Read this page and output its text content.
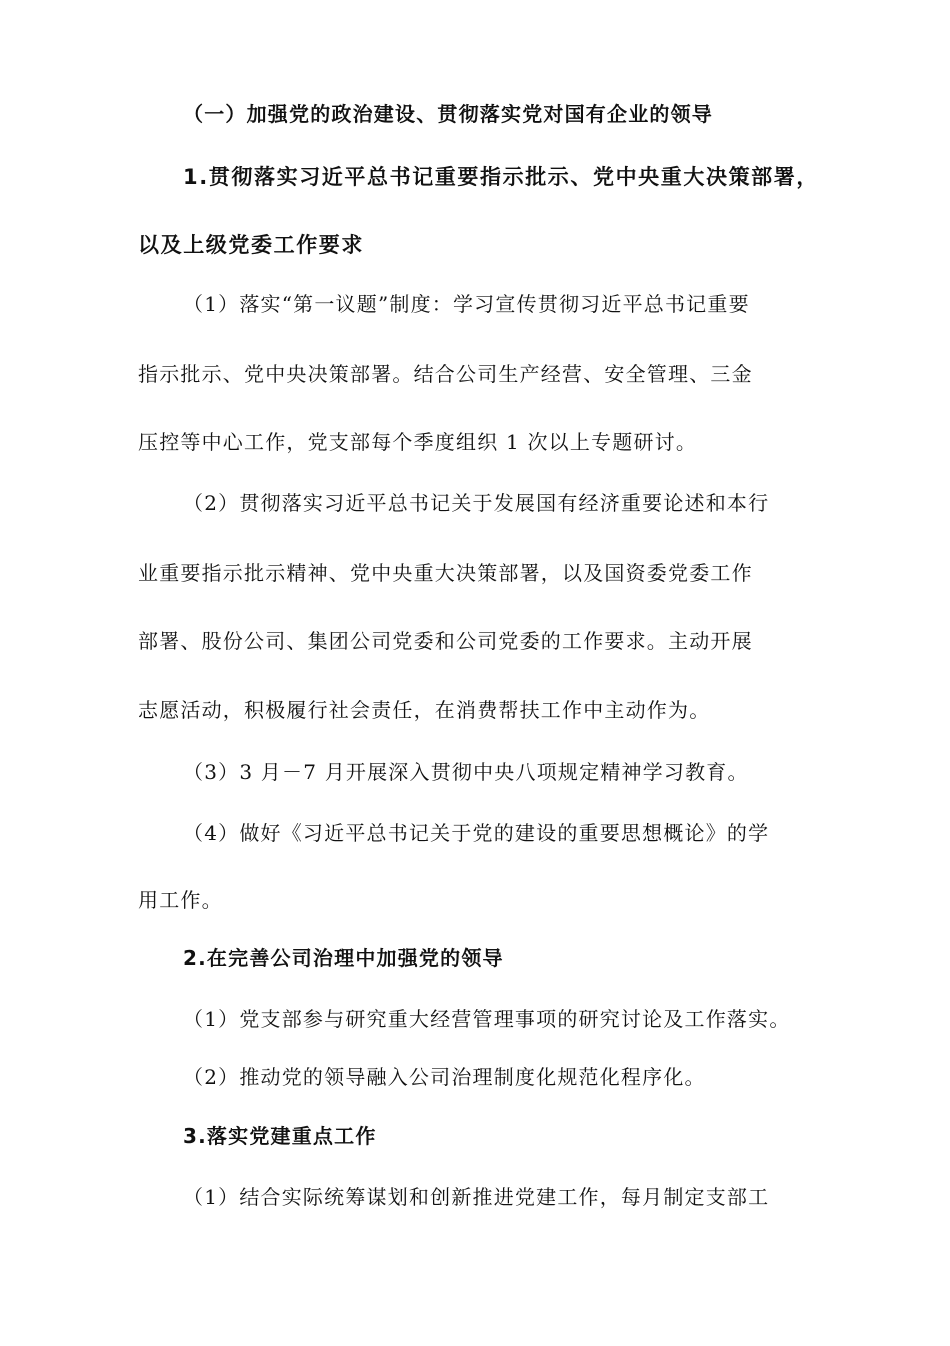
（一）加强党的政治建设、贯彻落实党对国有企业的领导
1.贯彻落实习近平总书记重要指示批示、党中央重大决策部署，
以及上级党委工作要求
（1）落实“第一议题”制度：学习宣传贯彻习近平总书记重要
指示批示、党中央决策部署。结合公司生产经营、安全管理、三金
压控等中心工作，党支部每个季度组织 1 次以上专题研讨。
（2）贯彻落实习近平总书记关于发展国有经济重要论述和本行
业重要指示批示精神、党中央重大决策部署，以及国资委党委工作
部署、股份公司、集团公司党委和公司党委的工作要求。主动开展
志愿活动，积极履行社会责任，在消费帮扶工作中主动作为。
（3）3 月－7 月开展深入贯彻中央八项规定精神学习教育。
（4）做好《习近平总书记关于党的建设的重要思想概论》的学
用工作。
2.在完善公司治理中加强党的领导
（1）党支部参与研究重大经营管理事项的研究讨论及工作落实。
（2）推动党的领导融入公司治理制度化规范化程序化。
3.落实党建重点工作
（1）结合实际统筹谋划和创新推进党建工作，每月制定支部工
